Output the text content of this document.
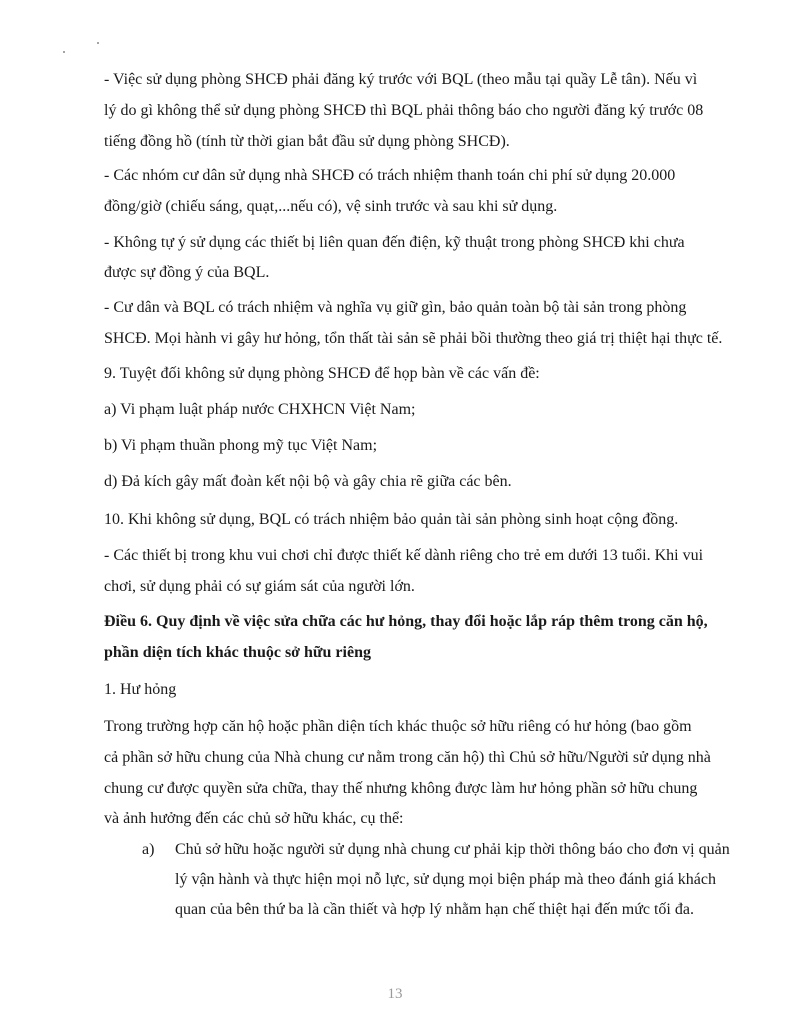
- Việc sử dụng phòng SHCĐ phải đăng ký trước với BQL (theo mẫu tại quầy Lễ tân). Nếu vì
lý do gì không thể sử dụng phòng SHCĐ thì BQL phải thông báo cho người đăng ký trước 08
tiếng đồng hồ (tính từ thời gian bắt đầu sử dụng phòng SHCĐ).
- Các nhóm cư dân sử dụng nhà SHCĐ có trách nhiệm thanh toán chi phí sử dụng 20.000
đồng/giờ (chiếu sáng, quạt,...nếu có), vệ sinh trước và sau khi sử dụng.
- Không tự ý sử dụng các thiết bị liên quan đến điện, kỹ thuật trong phòng SHCĐ khi chưa
được sự đồng ý của BQL.
- Cư dân và BQL có trách nhiệm và nghĩa vụ giữ gìn, bảo quản toàn bộ tài sản trong phòng
SHCĐ. Mọi hành vi gây hư hỏng, tổn thất tài sản sẽ phải bồi thường theo giá trị thiệt hại thực tế.
9. Tuyệt đối không sử dụng phòng SHCĐ để họp bàn về các vấn đề:
a) Vi phạm luật pháp nước CHXHCN Việt Nam;
b) Vi phạm thuần phong mỹ tục Việt Nam;
d) Đả kích gây mất đoàn kết nội bộ và gây chia rẽ giữa các bên.
10. Khi không sử dụng, BQL có trách nhiệm bảo quản tài sản phòng sinh hoạt cộng đồng.
- Các thiết bị trong khu vui chơi chỉ được thiết kế dành riêng cho trẻ em dưới 13 tuổi. Khi vui
chơi, sử dụng phải có sự giám sát của người lớn.
Điều 6. Quy định về việc sửa chữa các hư hỏng, thay đổi hoặc lắp ráp thêm trong căn hộ,
phần diện tích khác thuộc sở hữu riêng
1. Hư hỏng
Trong trường hợp căn hộ hoặc phần diện tích khác thuộc sở hữu riêng có hư hỏng (bao gồm
cả phần sở hữu chung của Nhà chung cư nằm trong căn hộ) thì Chủ sở hữu/Người sử dụng nhà
chung cư được quyền sửa chữa, thay thế nhưng không được làm hư hỏng phần sở hữu chung
và ảnh hưởng đến các chủ sở hữu khác, cụ thể:
a) Chủ sở hữu hoặc người sử dụng nhà chung cư phải kịp thời thông báo cho đơn vị quản
lý vận hành và thực hiện mọi nỗ lực, sử dụng mọi biện pháp mà theo đánh giá khách
quan của bên thứ ba là cần thiết và hợp lý nhằm hạn chế thiệt hại đến mức tối đa.
13
